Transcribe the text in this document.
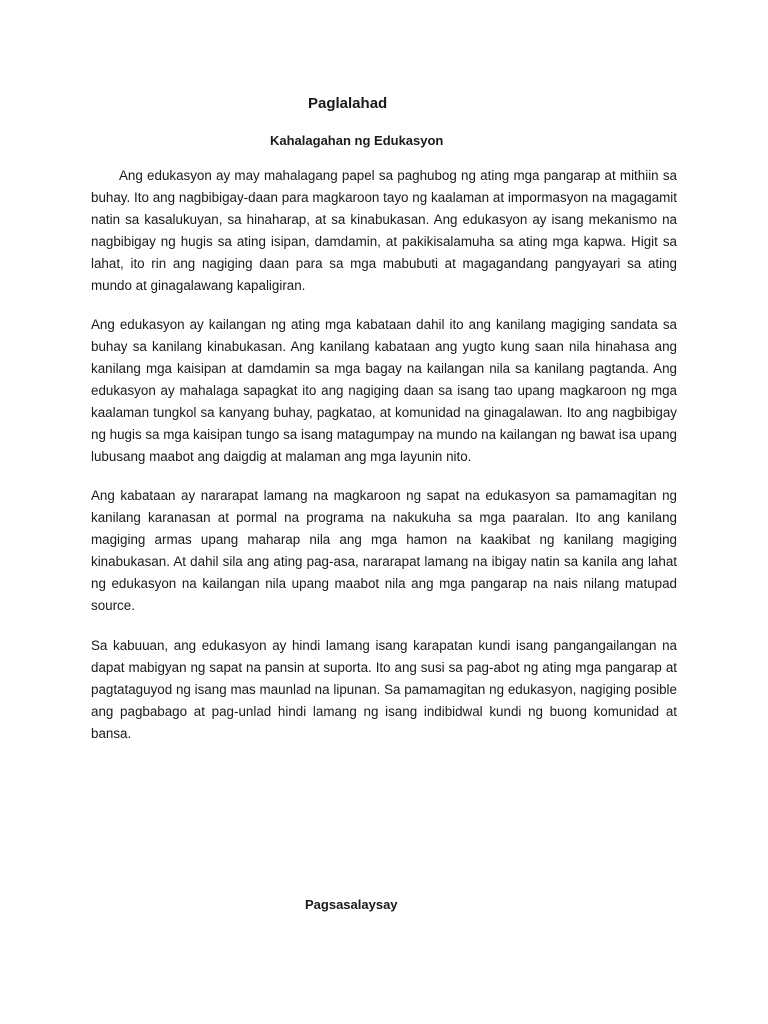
Paglalahad
Kahalagahan ng Edukasyon

Ang edukasyon ay may mahalagang papel sa paghubog ng ating mga pangarap at mithiin sa buhay. Ito ang nagbibigay-daan para magkaroon tayo ng kaalaman at impormasyon na magagamit natin sa kasalukuyan, sa hinaharap, at sa kinabukasan. Ang edukasyon ay isang mekanismo na nagbibigay ng hugis sa ating isipan, damdamin, at pakikisalamuha sa ating mga kapwa. Higit sa lahat, ito rin ang nagiging daan para sa mga mabubuti at magagandang pangyayari sa ating mundo at ginagalawang kapaligiran.

Ang edukasyon ay kailangan ng ating mga kabataan dahil ito ang kanilang magiging sandata sa buhay sa kanilang kinabukasan. Ang kanilang kabataan ang yugto kung saan nila hinahasa ang kanilang mga kaisipan at damdamin sa mga bagay na kailangan nila sa kanilang pagtanda. Ang edukasyon ay mahalaga sapagkat ito ang nagiging daan sa isang tao upang magkaroon ng mga kaalaman tungkol sa kanyang buhay, pagkatao, at komunidad na ginagalawan. Ito ang nagbibigay ng hugis sa mga kaisipan tungo sa isang matagumpay na mundo na kailangan ng bawat isa upang lubusang maabot ang daigdig at malaman ang mga layunin nito.

Ang kabataan ay nararapat lamang na magkaroon ng sapat na edukasyon sa pamamagitan ng kanilang karanasan at pormal na programa na nakukuha sa mga paaralan. Ito ang kanilang magiging armas upang maharap nila ang mga hamon na kaakibat ng kanilang magiging kinabukasan. At dahil sila ang ating pag-asa, nararapat lamang na ibigay natin sa kanila ang lahat ng edukasyon na kailangan nila upang maabot nila ang mga pangarap na nais nilang matupad source.

Sa kabuuan, ang edukasyon ay hindi lamang isang karapatan kundi isang pangangailangan na dapat mabigyan ng sapat na pansin at suporta. Ito ang susi sa pag-abot ng ating mga pangarap at pagtataguyod ng isang mas maunlad na lipunan. Sa pamamagitan ng edukasyon, nagiging posible ang pagbabago at pag-unlad hindi lamang ng isang indibidwal kundi ng buong komunidad at bansa.

Pagsasalaysay
